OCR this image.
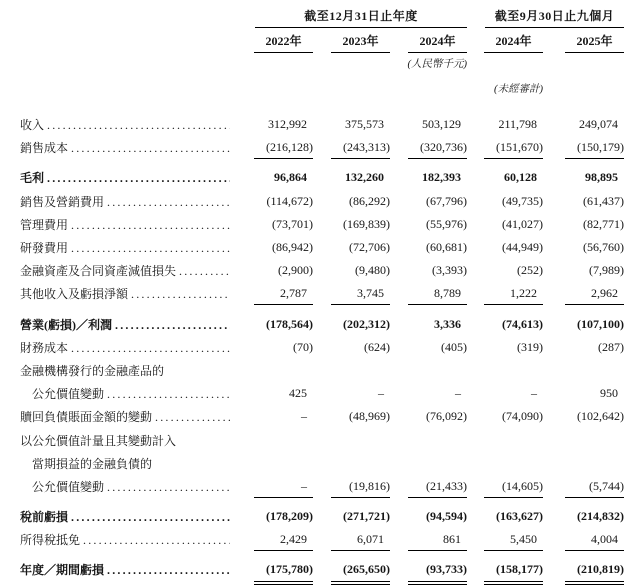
截至12月31日止年度	截至9月30日止九個月
2022年	2023年	2024年	2024年	2025年
(人民幣千元)
(未經審計)
收入 .....	312,992	375,573	503,129	211,798	249,074
銷售成本 .....	(216,128)	(243,313)	(320,736)	(151,670)	(150,179)
毛利 .....	96,864	132,260	182,393	60,128	98,895
銷售及營銷費用 .....	(114,672)	(86,292)	(67,796)	(49,735)	(61,437)
管理費用 .....	(73,701)	(169,839)	(55,976)	(41,027)	(82,771)
研發費用 .....	(86,942)	(72,706)	(60,681)	(44,949)	(56,760)
金融資產及合同資產減值損失 .....	(2,900)	(9,480)	(3,393)	(252)	(7,989)
其他收入及虧損淨額 .....	2,787	3,745	8,789	1,222	2,962
營業(虧損)／利潤 .....	(178,564)	(202,312)	3,336	(74,613)	(107,100)
財務成本 .....	(70)	(624)	(405)	(319)	(287)
金融機構發行的金融產品的
公允價值變動 .....	425	–	–	–	950
贖回負債賬面金額的變動 .....	–	(48,969)	(76,092)	(74,090)	(102,642)
以公允價值計量且其變動計入
當期損益的金融負債的
公允價值變動 .....	–	(19,816)	(21,433)	(14,605)	(5,744)
稅前虧損 .....	(178,209)	(271,721)	(94,594)	(163,627)	(214,832)
所得稅抵免 .....	2,429	6,071	861	5,450	4,004
年度／期間虧損 .....	(175,780)	(265,650)	(93,733)	(158,177)	(210,819)
